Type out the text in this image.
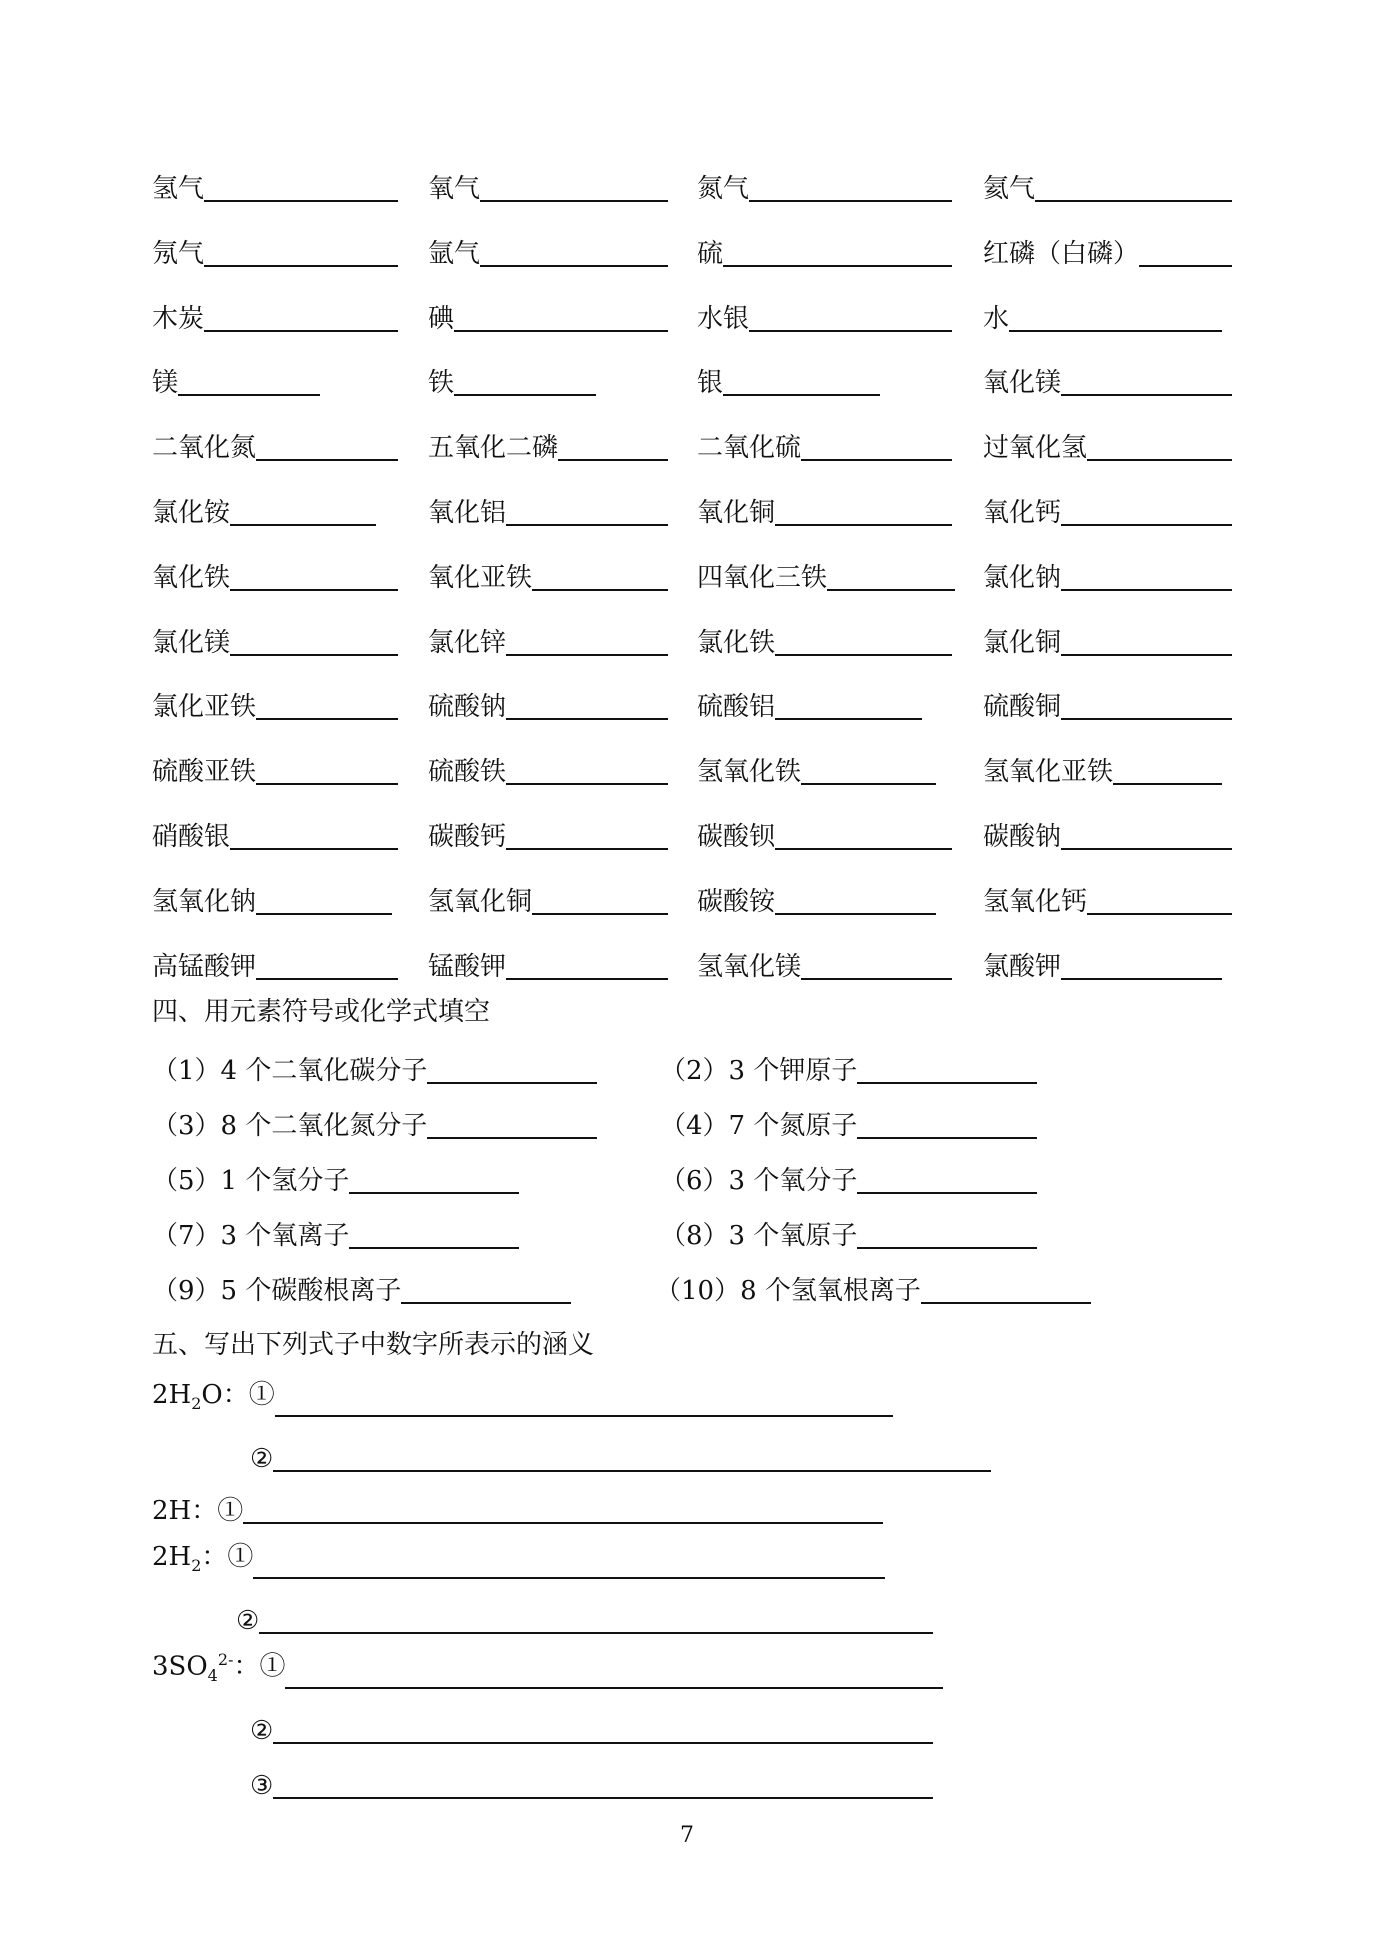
氢气	氧气	氮气	氦气
氖气	氩气	硫	红磷（白磷）
木炭	碘	水银	水
镁	铁	银	氧化镁
二氧化氮	五氧化二磷	二氧化硫	过氧化氢
氯化铵	氧化铝	氧化铜	氧化钙
氧化铁	氧化亚铁	四氧化三铁	氯化钠
氯化镁	氯化锌	氯化铁	氯化铜
氯化亚铁	硫酸钠	硫酸铝	硫酸铜
硫酸亚铁	硫酸铁	氢氧化铁	氢氧化亚铁
硝酸银	碳酸钙	碳酸钡	碳酸钠
氢氧化钠	氢氧化铜	碳酸铵	氢氧化钙
高锰酸钾	锰酸钾	氢氧化镁	氯酸钾
四、用元素符号或化学式填空
（1）4 个二氧化碳分子	（2）3 个钾原子
（3）8 个二氧化氮分子	（4）7 个氮原子
（5）1 个氢分子	（6）3 个氧分子
（7）3 个氧离子	（8）3 个氧原子
（9）5 个碳酸根离子	（10）8 个氢氧根离子
五、写出下列式子中数字所表示的涵义
$2H_2O$：①
②
2H：①
$2H_2$：①
②
$3SO_4^{2-}$：①
②
③
7
